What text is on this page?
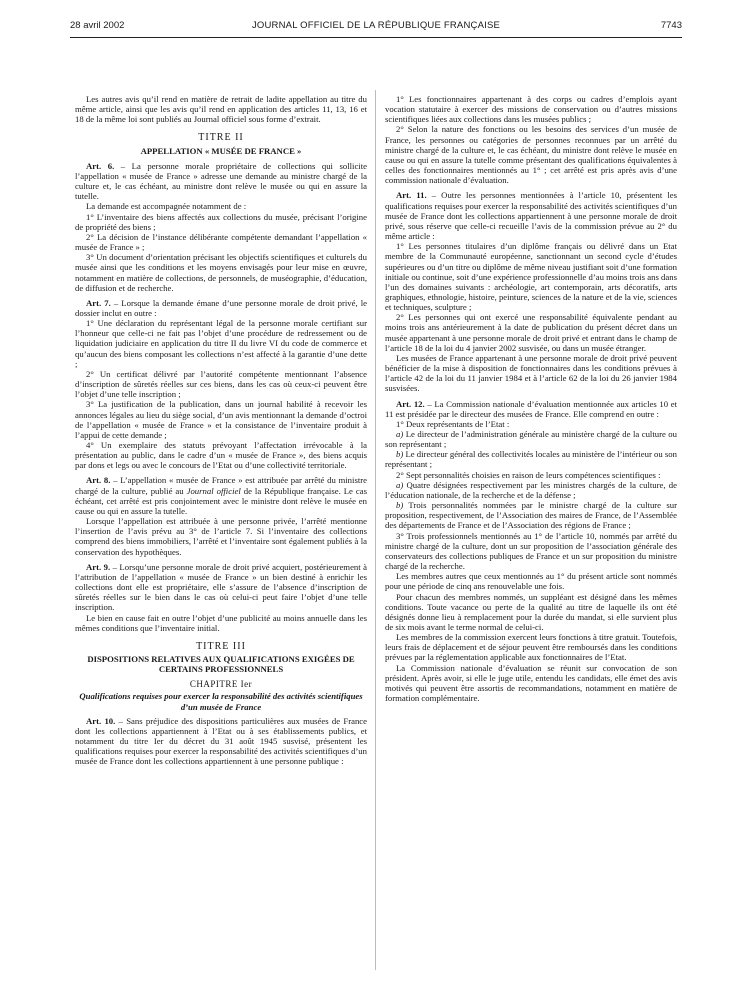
28 avril 2002	JOURNAL OFFICIEL DE LA RÉPUBLIQUE FRANÇAISE	7743

Les autres avis qu’il rend en matière de retrait de ladite appellation au titre du même article, ainsi que les avis qu’il rend en application des articles 11, 13, 16 et 18 de la même loi sont publiés au Journal officiel sous forme d’extrait.

TITRE II
APPELLATION « MUSÉE DE FRANCE »

Art. 6. – La personne morale propriétaire de collections qui sollicite l’appellation « musée de France » adresse une demande au ministre chargé de la culture et, le cas échéant, au ministre dont relève le musée ou qui en assure la tutelle.

La demande est accompagnée notamment de :

1° L’inventaire des biens affectés aux collections du musée, précisant l’origine de propriété des biens ;

2° La décision de l’instance délibérante compétente demandant l’appellation « musée de France » ;

3° Un document d’orientation précisant les objectifs scientifiques et culturels du musée ainsi que les conditions et les moyens envisagés pour leur mise en œuvre, notamment en matière de collections, de personnels, de muséographie, d’éducation, de diffusion et de recherche.

Art. 7. – Lorsque la demande émane d’une personne morale de droit privé, le dossier inclut en outre :

1° Une déclaration du représentant légal de la personne morale certifiant sur l’honneur que celle-ci ne fait pas l’objet d’une procédure de redressement ou de liquidation judiciaire en application du titre II du livre VI du code de commerce et qu’aucun des biens composant les collections n’est affecté à la garantie d’une dette ;

2° Un certificat délivré par l’autorité compétente mentionnant l’absence d’inscription de sûretés réelles sur ces biens, dans les cas où ceux-ci peuvent être l’objet d’une telle inscription ;

3° La justification de la publication, dans un journal habilité à recevoir les annonces légales au lieu du siège social, d’un avis mentionnant la demande d’octroi de l’appellation « musée de France » et la consistance de l’inventaire produit à l’appui de cette demande ;

4° Un exemplaire des statuts prévoyant l’affectation irrévocable à la présentation au public, dans le cadre d’un « musée de France », des biens acquis par dons et legs ou avec le concours de l’Etat ou d’une collectivité territoriale.

Art. 8. – L’appellation « musée de France » est attribuée par arrêté du ministre chargé de la culture, publié au Journal officiel de la République française. Le cas échéant, cet arrêté est pris conjointement avec le ministre dont relève le musée en cause ou qui en assure la tutelle.

Lorsque l’appellation est attribuée à une personne privée, l’arrêté mentionne l’insertion de l’avis prévu au 3° de l’article 7. Si l’inventaire des collections comprend des biens immobiliers, l’arrêté et l’inventaire sont également publiés à la conservation des hypothèques.

Art. 9. – Lorsqu’une personne morale de droit privé acquiert, postérieurement à l’attribution de l’appellation « musée de France » un bien destiné à enrichir les collections dont elle est propriétaire, elle s’assure de l’absence d’inscription de sûretés réelles sur le bien dans le cas où celui-ci peut faire l’objet d’une telle inscription.

Le bien en cause fait en outre l’objet d’une publicité au moins annuelle dans les mêmes conditions que l’inventaire initial.

TITRE III
DISPOSITIONS RELATIVES AUX QUALIFICATIONS EXIGÉES DE CERTAINS PROFESSIONNELS
CHAPITRE Ier
Qualifications requises pour exercer la responsabilité des activités scientifiques d’un musée de France

Art. 10. – Sans préjudice des dispositions particulières aux musées de France dont les collections appartiennent à l’Etat ou à ses établissements publics, et notamment du titre Ier du décret du 31 août 1945 susvisé, présentent les qualifications requises pour exercer la responsabilité des activités scientifiques d’un musée de France dont les collections appartiennent à une personne publique :

1° Les fonctionnaires appartenant à des corps ou cadres d’emplois ayant vocation statutaire à exercer des missions de conservation ou d’autres missions scientifiques liées aux collections dans les musées publics ;

2° Selon la nature des fonctions ou les besoins des services d’un musée de France, les personnes ou catégories de personnes reconnues par un arrêté du ministre chargé de la culture et, le cas échéant, du ministre dont relève le musée en cause ou qui en assure la tutelle comme présentant des qualifications équivalentes à celles des fonctionnaires mentionnés au 1° ; cet arrêté est pris après avis d’une commission nationale d’évaluation.

Art. 11. – Outre les personnes mentionnées à l’article 10, présentent les qualifications requises pour exercer la responsabilité des activités scientifiques d’un musée de France dont les collections appartiennent à une personne morale de droit privé, sous réserve que celle-ci recueille l’avis de la commission prévue au 2° du même article :

1° Les personnes titulaires d’un diplôme français ou délivré dans un Etat membre de la Communauté européenne, sanctionnant un second cycle d’études supérieures ou d’un titre ou diplôme de même niveau justifiant soit d’une formation initiale ou continue, soit d’une expérience professionnelle d’au moins trois ans dans l’un des domaines suivants : archéologie, art contemporain, arts décoratifs, arts graphiques, ethnologie, histoire, peinture, sciences de la nature et de la vie, sciences et techniques, sculpture ;

2° Les personnes qui ont exercé une responsabilité équivalente pendant au moins trois ans antérieurement à la date de publication du présent décret dans un musée appartenant à une personne morale de droit privé et entrant dans le champ de l’article 18 de la loi du 4 janvier 2002 susvisée, ou dans un musée étranger.

Les musées de France appartenant à une personne morale de droit privé peuvent bénéficier de la mise à disposition de fonctionnaires dans les conditions prévues à l’article 42 de la loi du 11 janvier 1984 et à l’article 62 de la loi du 26 janvier 1984 susvisées.

Art. 12. – La Commission nationale d’évaluation mentionnée aux articles 10 et 11 est présidée par le directeur des musées de France. Elle comprend en outre :

1° Deux représentants de l’Etat :

a) Le directeur de l’administration générale au ministère chargé de la culture ou son représentant ;

b) Le directeur général des collectivités locales au ministère de l’intérieur ou son représentant ;

2° Sept personnalités choisies en raison de leurs compétences scientifiques :

a) Quatre désignées respectivement par les ministres chargés de la culture, de l’éducation nationale, de la recherche et de la défense ;

b) Trois personnalités nommées par le ministre chargé de la culture sur proposition, respectivement, de l’Association des maires de France, de l’Assemblée des départements de France et de l’Association des régions de France ;

3° Trois professionnels mentionnés au 1° de l’article 10, nommés par arrêté du ministre chargé de la culture, dont un sur proposition de l’association générale des conservateurs des collections publiques de France et un sur proposition du ministre chargé de la recherche.

Les membres autres que ceux mentionnés au 1° du présent article sont nommés pour une période de cinq ans renouvelable une fois.

Pour chacun des membres nommés, un suppléant est désigné dans les mêmes conditions. Toute vacance ou perte de la qualité au titre de laquelle ils ont été désignés donne lieu à remplacement pour la durée du mandat, si elle survient plus de six mois avant le terme normal de celui-ci.

Les membres de la commission exercent leurs fonctions à titre gratuit. Toutefois, leurs frais de déplacement et de séjour peuvent être remboursés dans les conditions prévues par la réglementation applicable aux fonctionnaires de l’Etat.

La Commission nationale d’évaluation se réunit sur convocation de son président. Après avoir, si elle le juge utile, entendu les candidats, elle émet des avis motivés qui peuvent être assortis de recommandations, notamment en matière de formation complémentaire.
